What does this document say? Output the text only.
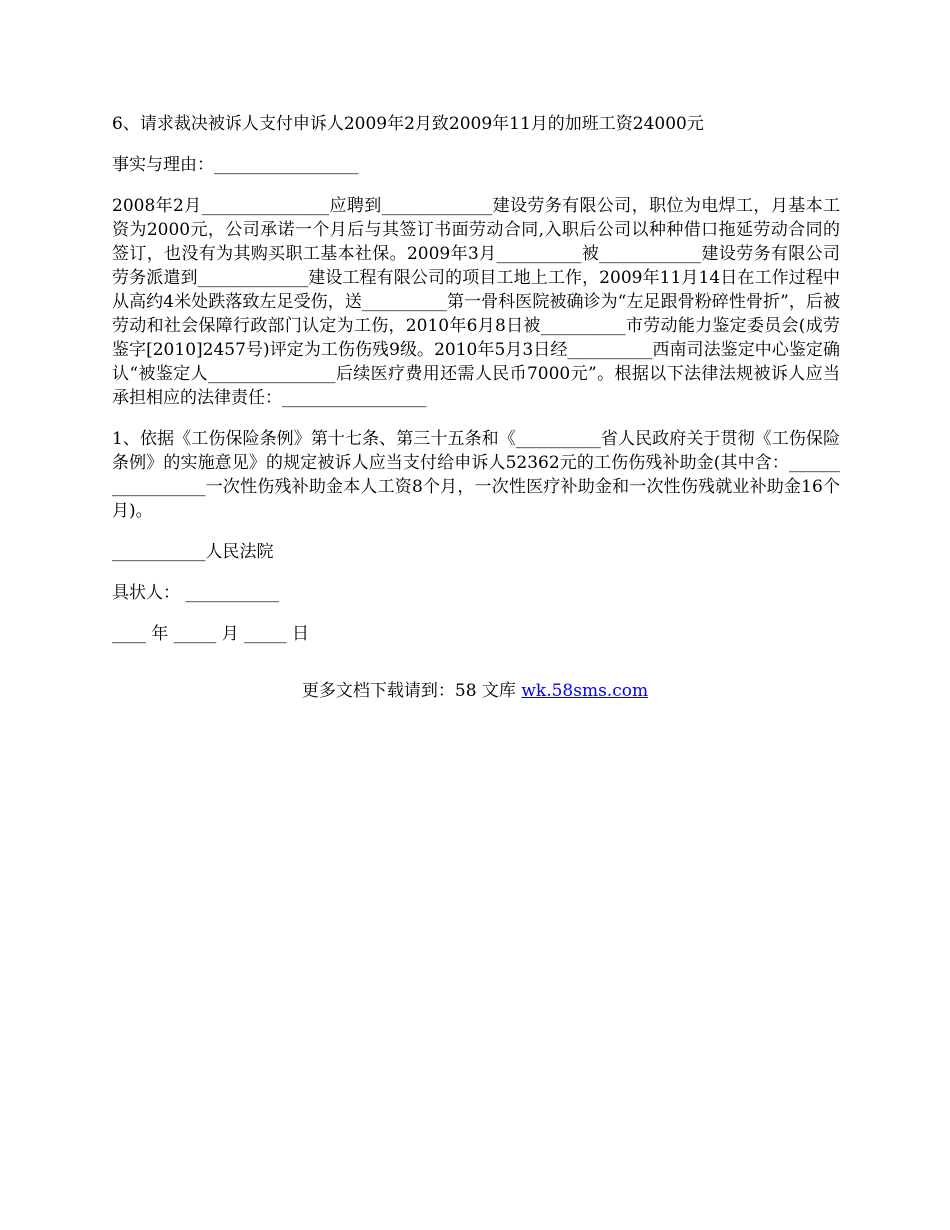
6、请求裁决被诉人支付申诉人2009年2月致2009年11月的加班工资24000元

事实与理由：_________________

2008年2月_______________应聘到_____________建设劳务有限公司，职位为电焊工，月基本工资为2000元，公司承诺一个月后与其签订书面劳动合同,入职后公司以种种借口拖延劳动合同的签订，也没有为其购买职工基本社保。2009年3月__________被____________建设劳务有限公司劳务派遣到_____________建设工程有限公司的项目工地上工作，2009年11月14日在工作过程中从高约4米处跌落致左足受伤，送__________第一骨科医院被确诊为“左足跟骨粉碎性骨折”，后被劳动和社会保障行政部门认定为工伤，2010年6月8日被__________市劳动能力鉴定委员会(成劳鉴字[2010]2457号)评定为工伤伤残9级。2010年5月3日经__________西南司法鉴定中心鉴定确认“被鉴定人_______________后续医疗费用还需人民币7000元”。根据以下法律法规被诉人应当承担相应的法律责任：_________________

1、依据《工伤保险条例》第十七条、第三十五条和《__________省人民政府关于贯彻《工伤保险条例》的实施意见》的规定被诉人应当支付给申诉人52362元的工伤伤残补助金(其中含：_________________一次性伤残补助金本人工资8个月，一次性医疗补助金和一次性伤残就业补助金16个月)。

___________人民法院

具状人： ___________

____ 年 _____ 月 _____ 日

更多文档下载请到：58 文库 wk.58sms.com
